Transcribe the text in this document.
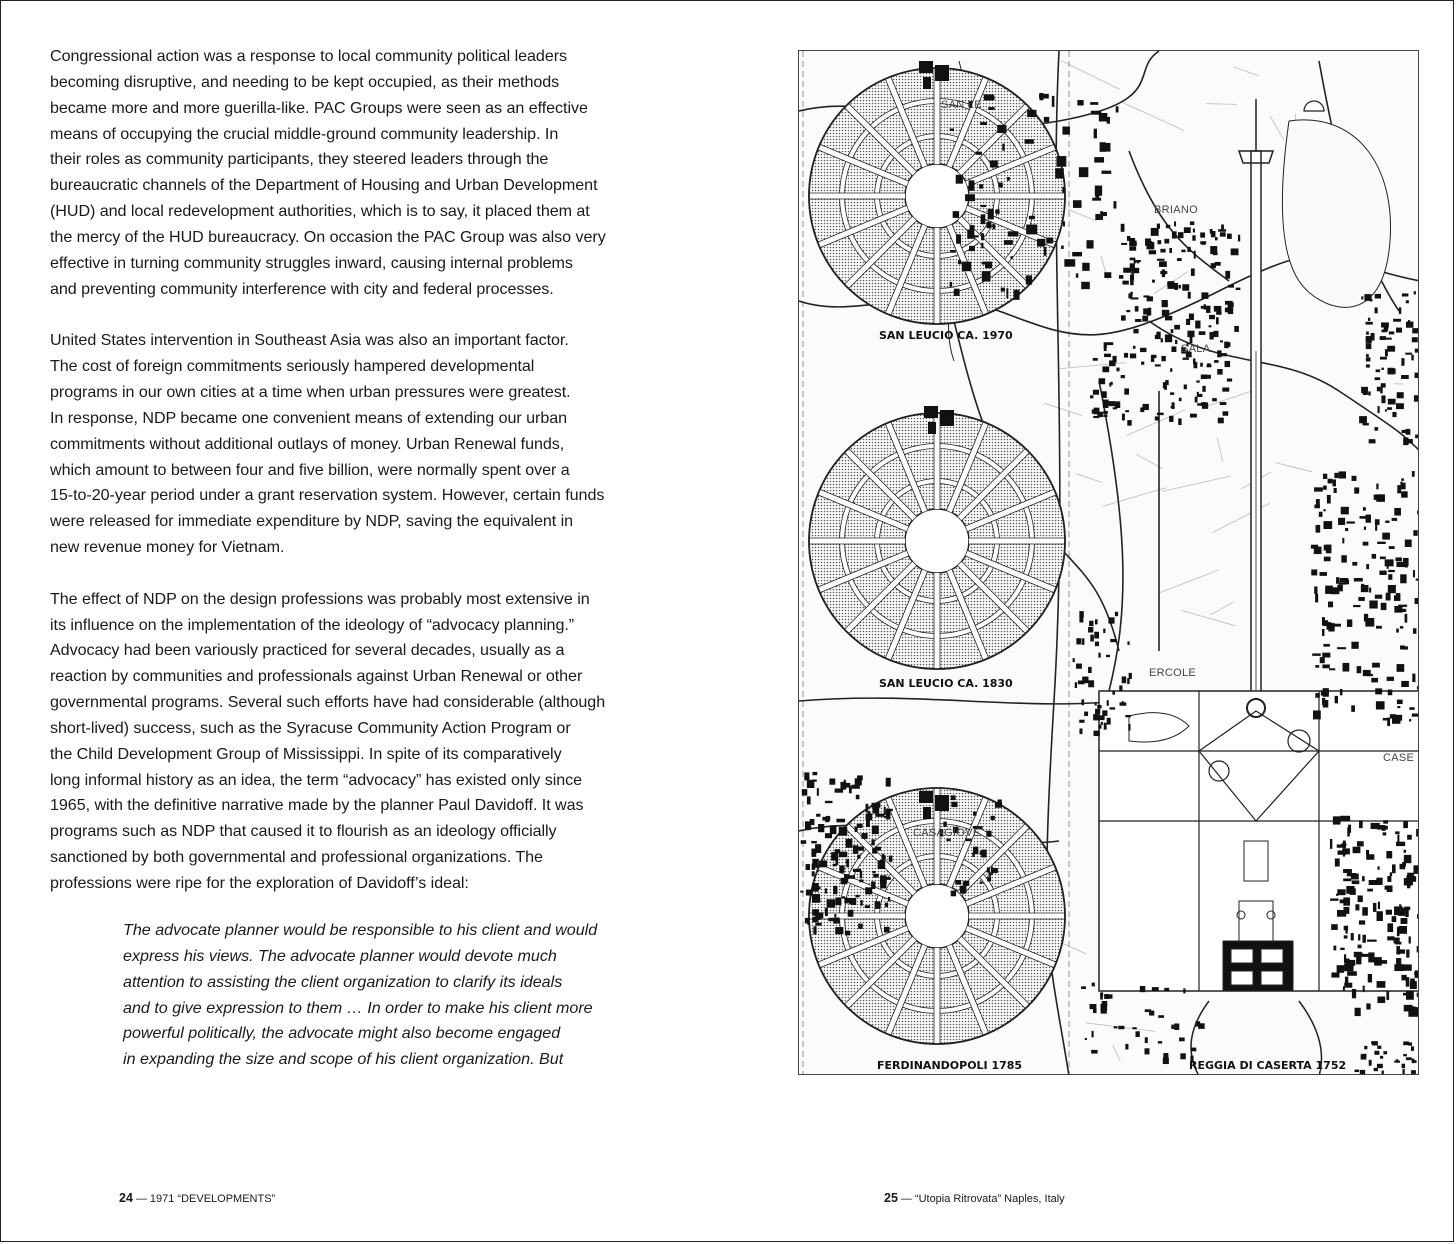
Congressional action was a response to local community political leaders
becoming disruptive, and needing to be kept occupied, as their methods
became more and more guerilla-like. PAC Groups were seen as an effective
means of occupying the crucial middle-ground community leadership. In
their roles as community participants, they steered leaders through the
bureaucratic channels of the Department of Housing and Urban Development
(HUD) and local redevelopment authorities, which is to say, it placed them at
the mercy of the HUD bureaucracy. On occasion the PAC Group was also very
effective in turning community struggles inward, causing internal problems
and preventing community interference with city and federal processes.

United States intervention in Southeast Asia was also an important factor.
The cost of foreign commitments seriously hampered developmental
programs in our own cities at a time when urban pressures were greatest.
In response, NDP became one convenient means of extending our urban
commitments without additional outlays of money. Urban Renewal funds,
which amount to between four and five billion, were normally spent over a
15-to-20-year period under a grant reservation system. However, certain funds
were released for immediate expenditure by NDP, saving the equivalent in
new revenue money for Vietnam.

The effect of NDP on the design professions was probably most extensive in
its influence on the implementation of the ideology of “advocacy planning.”
Advocacy had been variously practiced for several decades, usually as a
reaction by communities and professionals against Urban Renewal or other
governmental programs. Several such efforts have had considerable (although
short-lived) success, such as the Syracuse Community Action Program or
the Child Development Group of Mississippi. In spite of its comparatively
long informal history as an idea, the term “advocacy” has existed only since
1965, with the definitive narrative made by the planner Paul Davidoff. It was
programs such as NDP that caused it to flourish as an ideology officially
sanctioned by both governmental and professional organizations. The
professions were ripe for the exploration of Davidoff’s ideal:

The advocate planner would be responsible to his client and would
express his views. The advocate planner would devote much
attention to assisting the client organization to clarify its ideals
and to give expression to them … In order to make his client more
powerful politically, the advocate might also become engaged
in expanding the size and scope of his client organization. But
24 — 1971 “DEVELOPMENTS”
SAN LEUCIO CA. 1970
SAN LEUCIO CA. 1830
FERDINANDOPOLI 1785	REGGIA DI CASERTA 1752
SAN LE
BRIANO
SALA
ERCOLE
CASE
CASAGIOVE
25 — “Utopia Ritrovata” Naples, Italy
